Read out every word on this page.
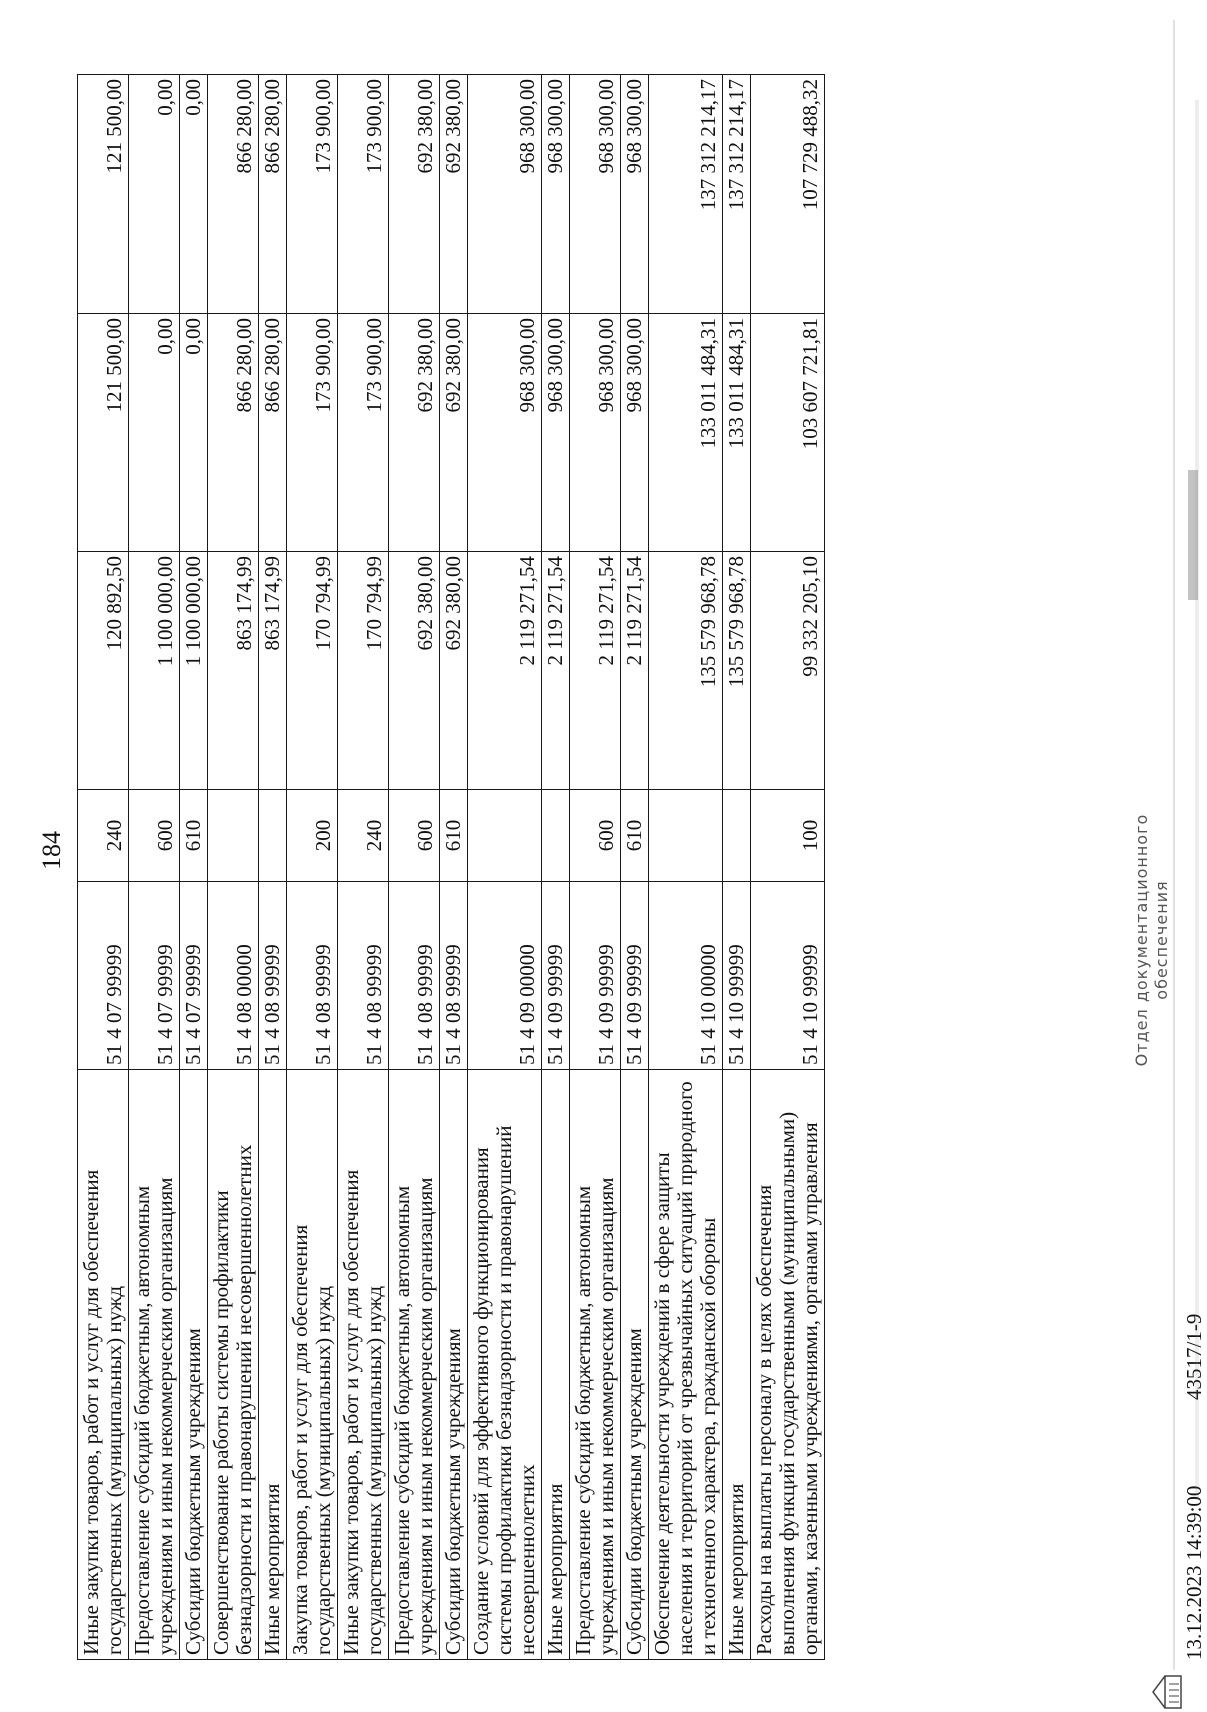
184
Иные закупки товаров, работ и услуг для обеспечения государственных (муниципальных) нужд	51 4 07 99999	240	120 892,50	121 500,00	121 500,00
Предоставление субсидий бюджетным, автономным учреждениям и иным некоммерческим организациям	51 4 07 99999	600	1 100 000,00	0,00	0,00
Субсидии бюджетным учреждениям	51 4 07 99999	610	1 100 000,00	0,00	0,00
Совершенствование работы системы профилактики безнадзорности и правонарушений несовершеннолетних	51 4 08 00000		863 174,99	866 280,00	866 280,00
Иные мероприятия	51 4 08 99999		863 174,99	866 280,00	866 280,00
Закупка товаров, работ и услуг для обеспечения государственных (муниципальных) нужд	51 4 08 99999	200	170 794,99	173 900,00	173 900,00
Иные закупки товаров, работ и услуг для обеспечения государственных (муниципальных) нужд	51 4 08 99999	240	170 794,99	173 900,00	173 900,00
Предоставление субсидий бюджетным, автономным учреждениям и иным некоммерческим организациям	51 4 08 99999	600	692 380,00	692 380,00	692 380,00
Субсидии бюджетным учреждениям	51 4 08 99999	610	692 380,00	692 380,00	692 380,00
Создание условий для эффективного функционирования системы профилактики безнадзорности и правонарушений несовершеннолетних	51 4 09 00000		2 119 271,54	968 300,00	968 300,00
Иные мероприятия	51 4 09 99999		2 119 271,54	968 300,00	968 300,00
Предоставление субсидий бюджетным, автономным учреждениям и иным некоммерческим организациям	51 4 09 99999	600	2 119 271,54	968 300,00	968 300,00
Субсидии бюджетным учреждениям	51 4 09 99999	610	2 119 271,54	968 300,00	968 300,00
Обеспечение деятельности учреждений в сфере защиты населения и территорий от чрезвычайных ситуаций природного и техногенного характера, гражданской обороны	51 4 10 00000		135 579 968,78	133 011 484,31	137 312 214,17
Иные мероприятия	51 4 10 99999		135 579 968,78	133 011 484,31	137 312 214,17
Расходы на выплаты персоналу в целях обеспечения выполнения функций государственными (муниципальными) органами, казенными учреждениями, органами управления	51 4 10 99999	100	99 332 205,10	103 607 721,81	107 729 488,32
13.12.2023 14:39:00
43517/1-9
Отдел документационного обеспечения
